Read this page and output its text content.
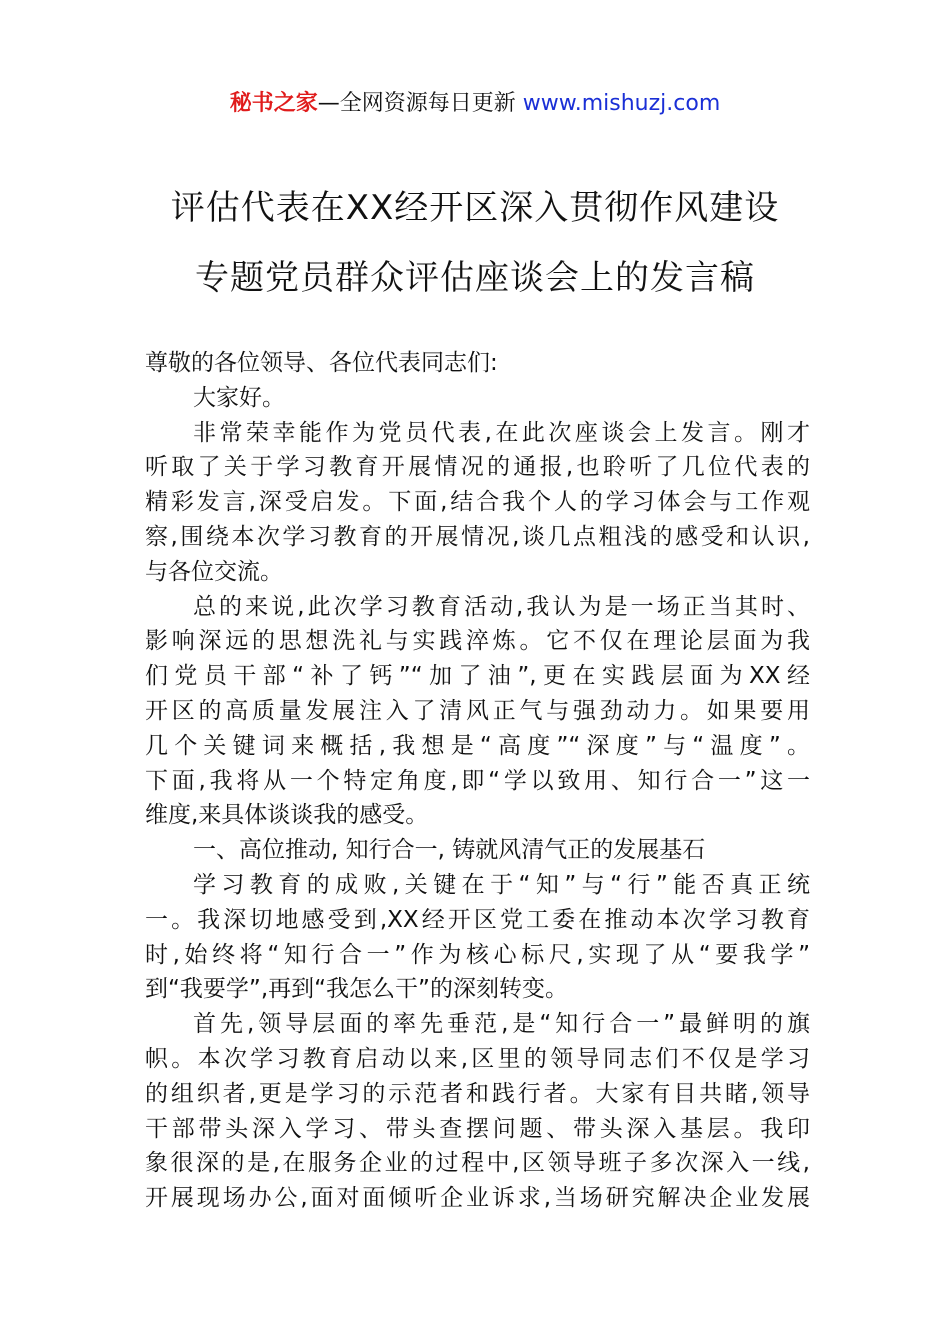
秘书之家—全网资源每日更新 www.mishuzj.com
评估代表在XX经开区深入贯彻作风建设
专题党员群众评估座谈会上的发言稿
尊敬的各位领导、各位代表同志们:
大家好。
非常荣幸能作为党员代表,在此次座谈会上发言。刚才
听取了关于学习教育开展情况的通报,也聆听了几位代表的
精彩发言,深受启发。下面,结合我个人的学习体会与工作观
察,围绕本次学习教育的开展情况,谈几点粗浅的感受和认识,
与各位交流。
总的来说,此次学习教育活动,我认为是一场正当其时、
影响深远的思想洗礼与实践淬炼。它不仅在理论层面为我
们党员干部“补了钙”“加了油”,更在实践层面为XX经
开区的高质量发展注入了清风正气与强劲动力。如果要用
几个关键词来概括,我想是“高度”“深度”与“温度”。
下面,我将从一个特定角度,即“学以致用、知行合一”这一
维度,来具体谈谈我的感受。
一、高位推动, 知行合一, 铸就风清气正的发展基石
学习教育的成败,关键在于“知”与“行”能否真正统
一。我深切地感受到,XX经开区党工委在推动本次学习教育
时,始终将“知行合一”作为核心标尺,实现了从“要我学”
到“我要学”,再到“我怎么干”的深刻转变。
首先,领导层面的率先垂范,是“知行合一”最鲜明的旗
帜。本次学习教育启动以来,区里的领导同志们不仅是学习
的组织者,更是学习的示范者和践行者。大家有目共睹,领导
干部带头深入学习、带头查摆问题、带头深入基层。我印
象很深的是,在服务企业的过程中,区领导班子多次深入一线,
开展现场办公,面对面倾听企业诉求,当场研究解决企业发展
